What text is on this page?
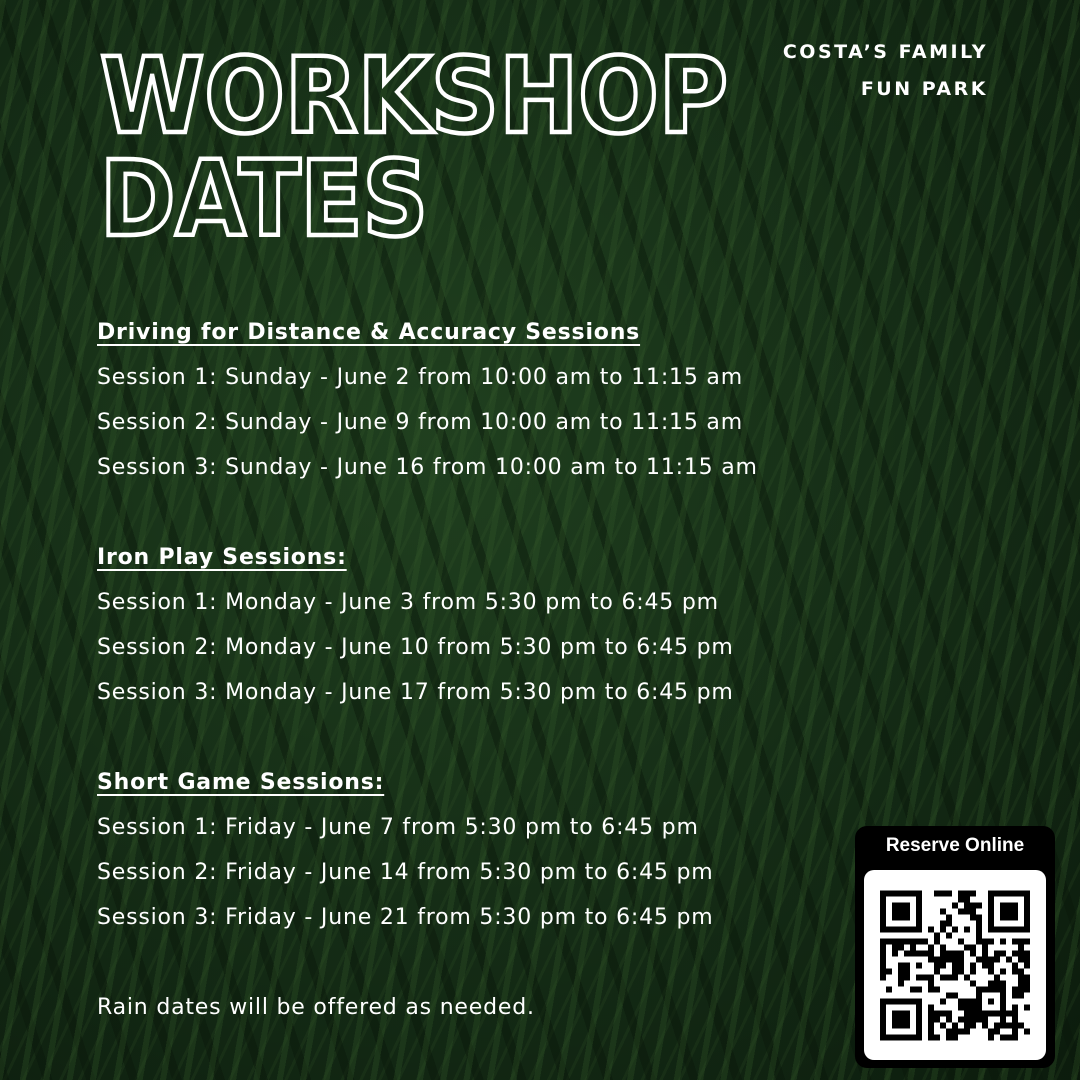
WORKSHOP
DATES
COSTA’S FAMILY
FUN PARK
Driving for Distance & Accuracy Sessions
Session 1: Sunday - June 2 from 10:00 am to 11:15 am
Session 2: Sunday - June 9 from 10:00 am to 11:15 am
Session 3: Sunday - June 16 from 10:00 am to 11:15 am
Iron Play Sessions:
Session 1: Monday - June 3 from 5:30 pm to 6:45 pm
Session 2: Monday - June 10 from 5:30 pm to 6:45 pm
Session 3: Monday - June 17 from 5:30 pm to 6:45 pm
Short Game Sessions:
Session 1: Friday - June 7 from 5:30 pm to 6:45 pm
Session 2: Friday - June 14 from 5:30 pm to 6:45 pm
Session 3: Friday - June 21 from 5:30 pm to 6:45 pm
Rain dates will be offered as needed.
Reserve Online
